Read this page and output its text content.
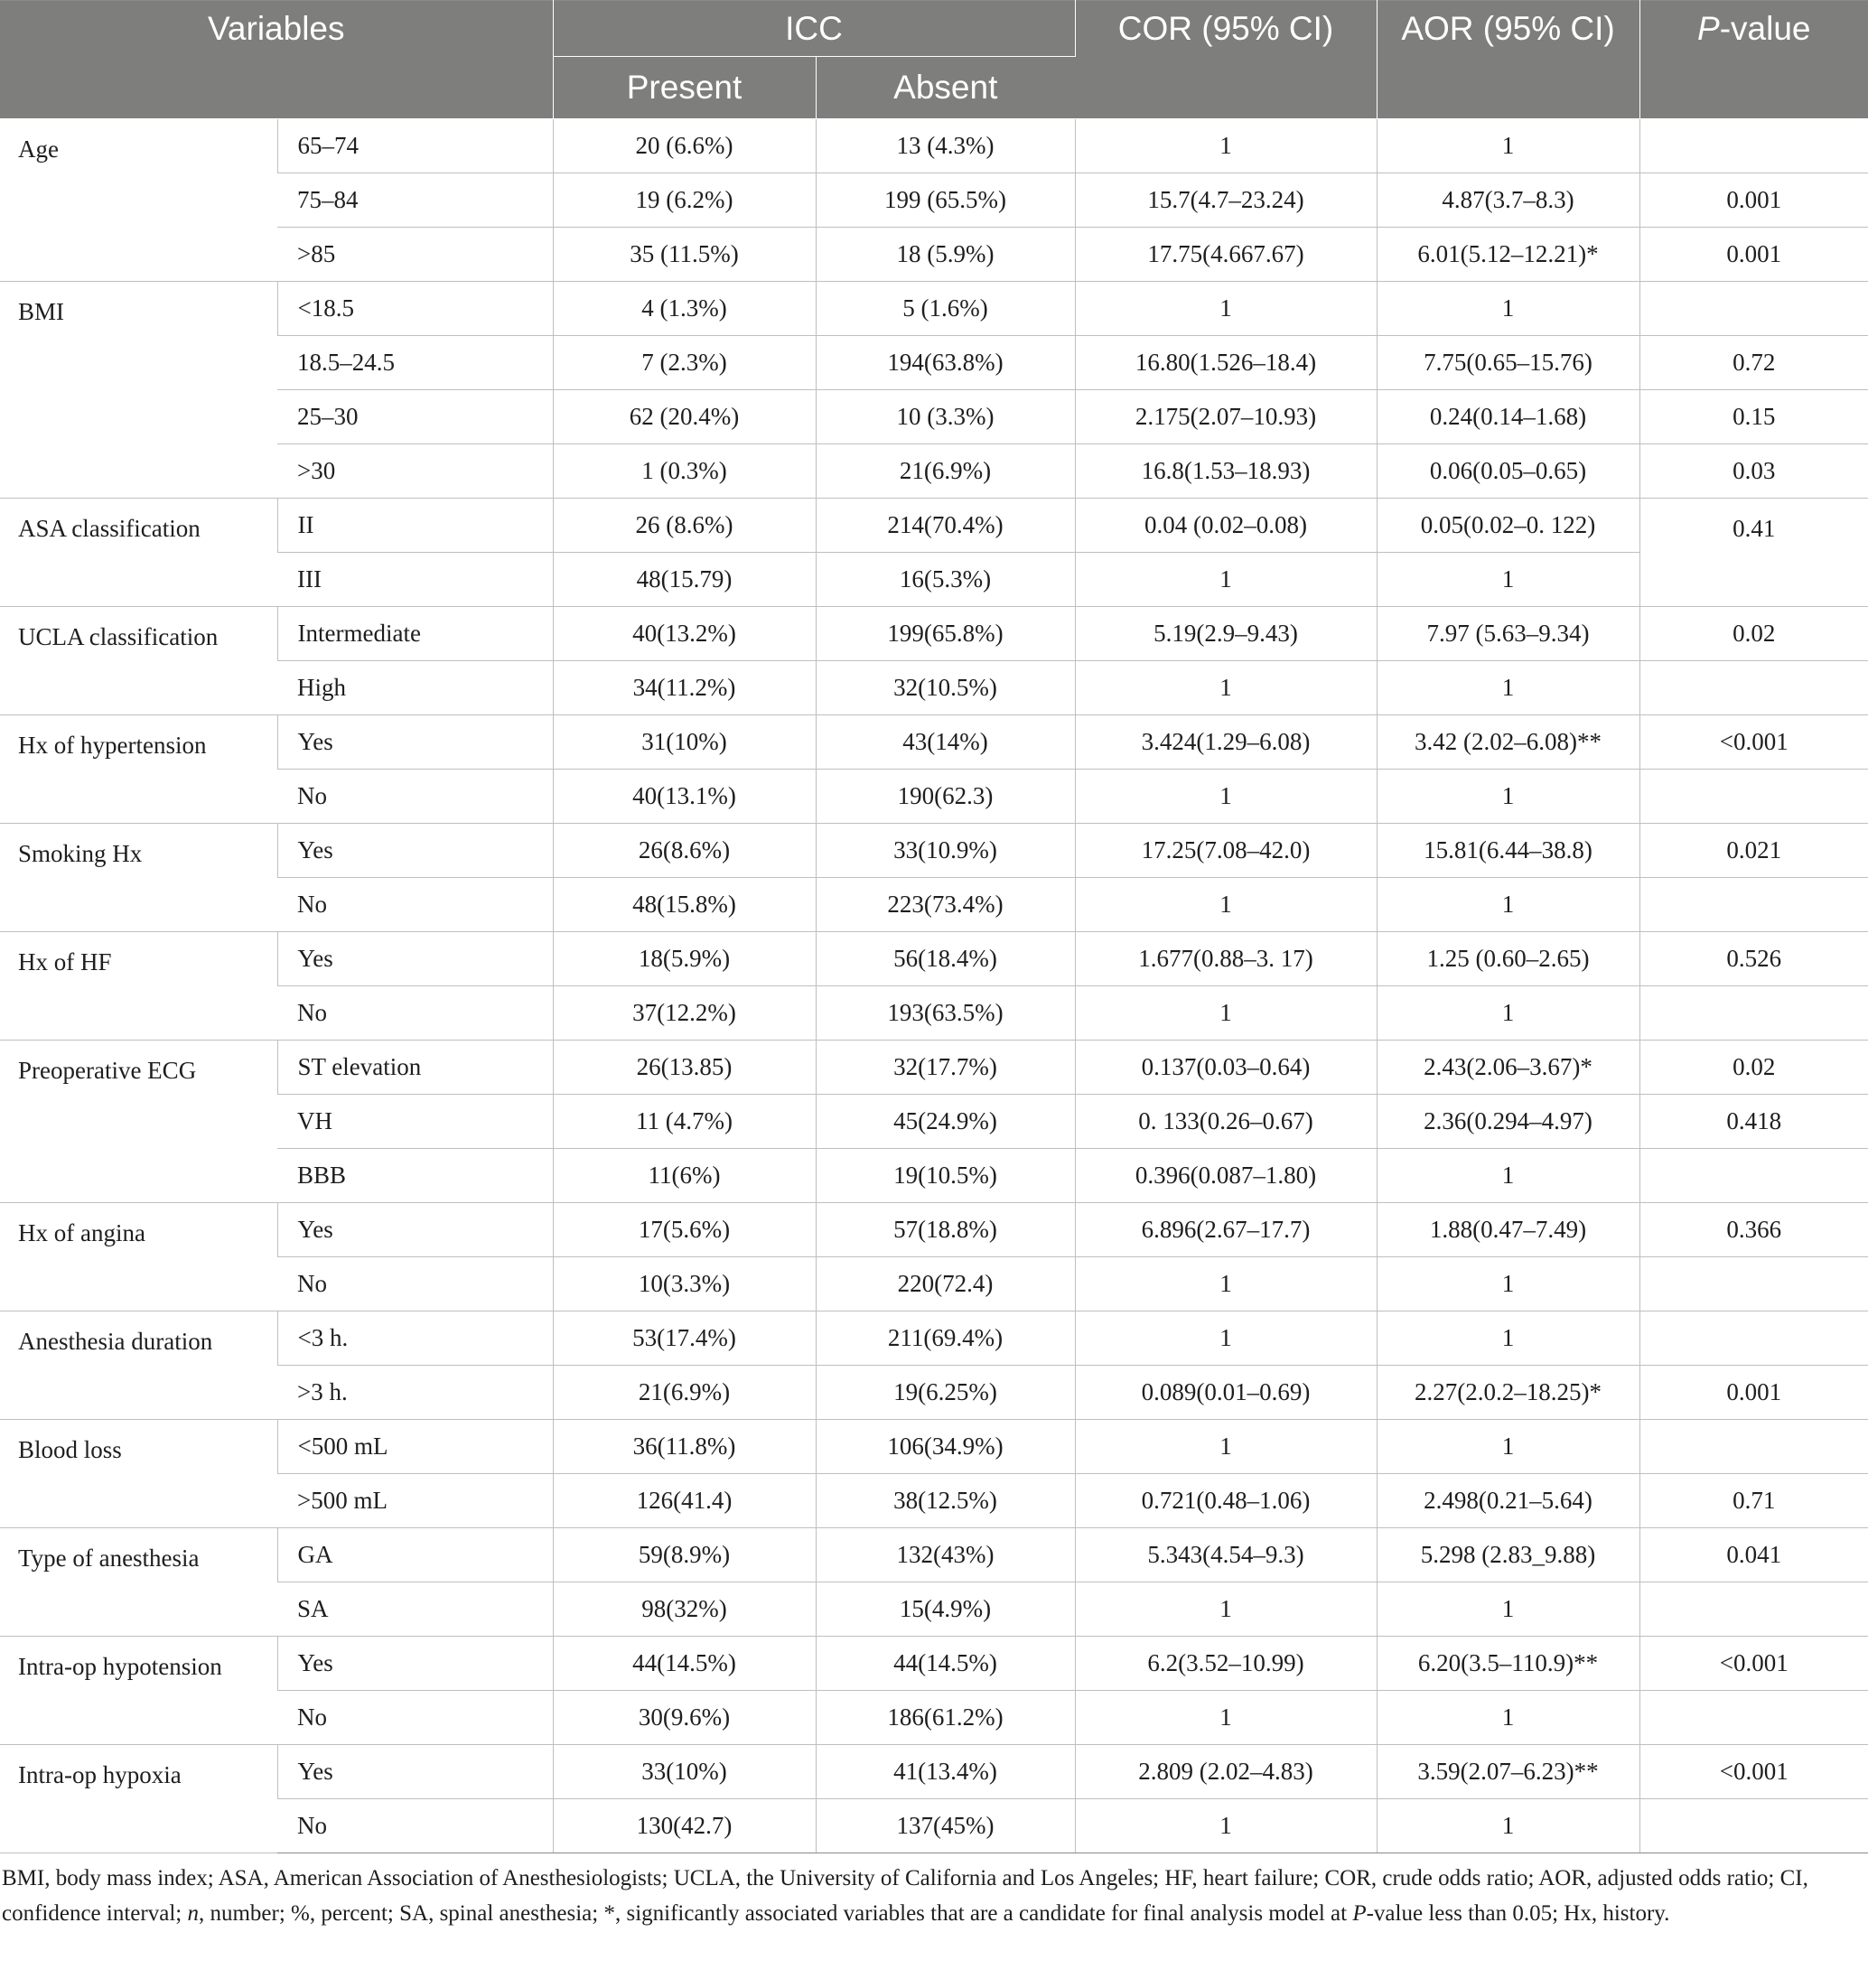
Variables		ICC		COR (95% CI)	AOR (95% CI)	P-value
		Present	Absent			
Age	65–74	20 (6.6%)	13 (4.3%)	1	1	
	75–84	19 (6.2%)	199 (65.5%)	15.7(4.7–23.24)	4.87(3.7–8.3)	0.001
	>85	35 (11.5%)	18 (5.9%)	17.75(4.667.67)	6.01(5.12–12.21)*	0.001
BMI	<18.5	4 (1.3%)	5 (1.6%)	1	1	
	18.5–24.5	7 (2.3%)	194(63.8%)	16.80(1.526–18.4)	7.75(0.65–15.76)	0.72
	25–30	62 (20.4%)	10 (3.3%)	2.175(2.07–10.93)	0.24(0.14–1.68)	0.15
	>30	1 (0.3%)	21(6.9%)	16.8(1.53–18.93)	0.06(0.05–0.65)	0.03
ASA classification	II	26 (8.6%)	214(70.4%)	0.04 (0.02–0.08)	0.05(0.02–0. 122)	0.41
	III	48(15.79)	16(5.3%)	1	1	
UCLA classification	Intermediate	40(13.2%)	199(65.8%)	5.19(2.9–9.43)	7.97 (5.63–9.34)	0.02
	High	34(11.2%)	32(10.5%)	1	1	
Hx of hypertension	Yes	31(10%)	43(14%)	3.424(1.29–6.08)	3.42 (2.02–6.08)**	<0.001
	No	40(13.1%)	190(62.3)	1	1	
Smoking Hx	Yes	26(8.6%)	33(10.9%)	17.25(7.08–42.0)	15.81(6.44–38.8)	0.021
	No	48(15.8%)	223(73.4%)	1	1	
Hx of HF	Yes	18(5.9%)	56(18.4%)	1.677(0.88–3. 17)	1.25 (0.60–2.65)	0.526
	No	37(12.2%)	193(63.5%)	1	1	
Preoperative ECG	ST elevation	26(13.85)	32(17.7%)	0.137(0.03–0.64)	2.43(2.06–3.67)*	0.02
	VH	11 (4.7%)	45(24.9%)	0. 133(0.26–0.67)	2.36(0.294–4.97)	0.418
	BBB	11(6%)	19(10.5%)	0.396(0.087–1.80)	1	
Hx of angina	Yes	17(5.6%)	57(18.8%)	6.896(2.67–17.7)	1.88(0.47–7.49)	0.366
	No	10(3.3%)	220(72.4)	1	1	
Anesthesia duration	<3 h.	53(17.4%)	211(69.4%)	1	1	
	>3 h.	21(6.9%)	19(6.25%)	0.089(0.01–0.69)	2.27(2.0.2–18.25)*	0.001
Blood loss	<500 mL	36(11.8%)	106(34.9%)	1	1	
	>500 mL	126(41.4)	38(12.5%)	0.721(0.48–1.06)	2.498(0.21–5.64)	0.71
Type of anesthesia	GA	59(8.9%)	132(43%)	5.343(4.54–9.3)	5.298 (2.83_9.88)	0.041
	SA	98(32%)	15(4.9%)	1	1	
Intra-op hypotension	Yes	44(14.5%)	44(14.5%)	6.2(3.52–10.99)	6.20(3.5–110.9)**	<0.001
	No	30(9.6%)	186(61.2%)	1	1	
Intra-op hypoxia	Yes	33(10%)	41(13.4%)	2.809 (2.02–4.83)	3.59(2.07–6.23)**	<0.001
	No	130(42.7)	137(45%)	1	1	
BMI, body mass index; ASA, American Association of Anesthesiologists; UCLA, the University of California and Los Angeles; HF, heart failure; COR, crude odds ratio; AOR, adjusted odds ratio; CI, confidence interval; n, number; %, percent; SA, spinal anesthesia; *, significantly associated variables that are a candidate for final analysis model at P-value less than 0.05; Hx, history.
